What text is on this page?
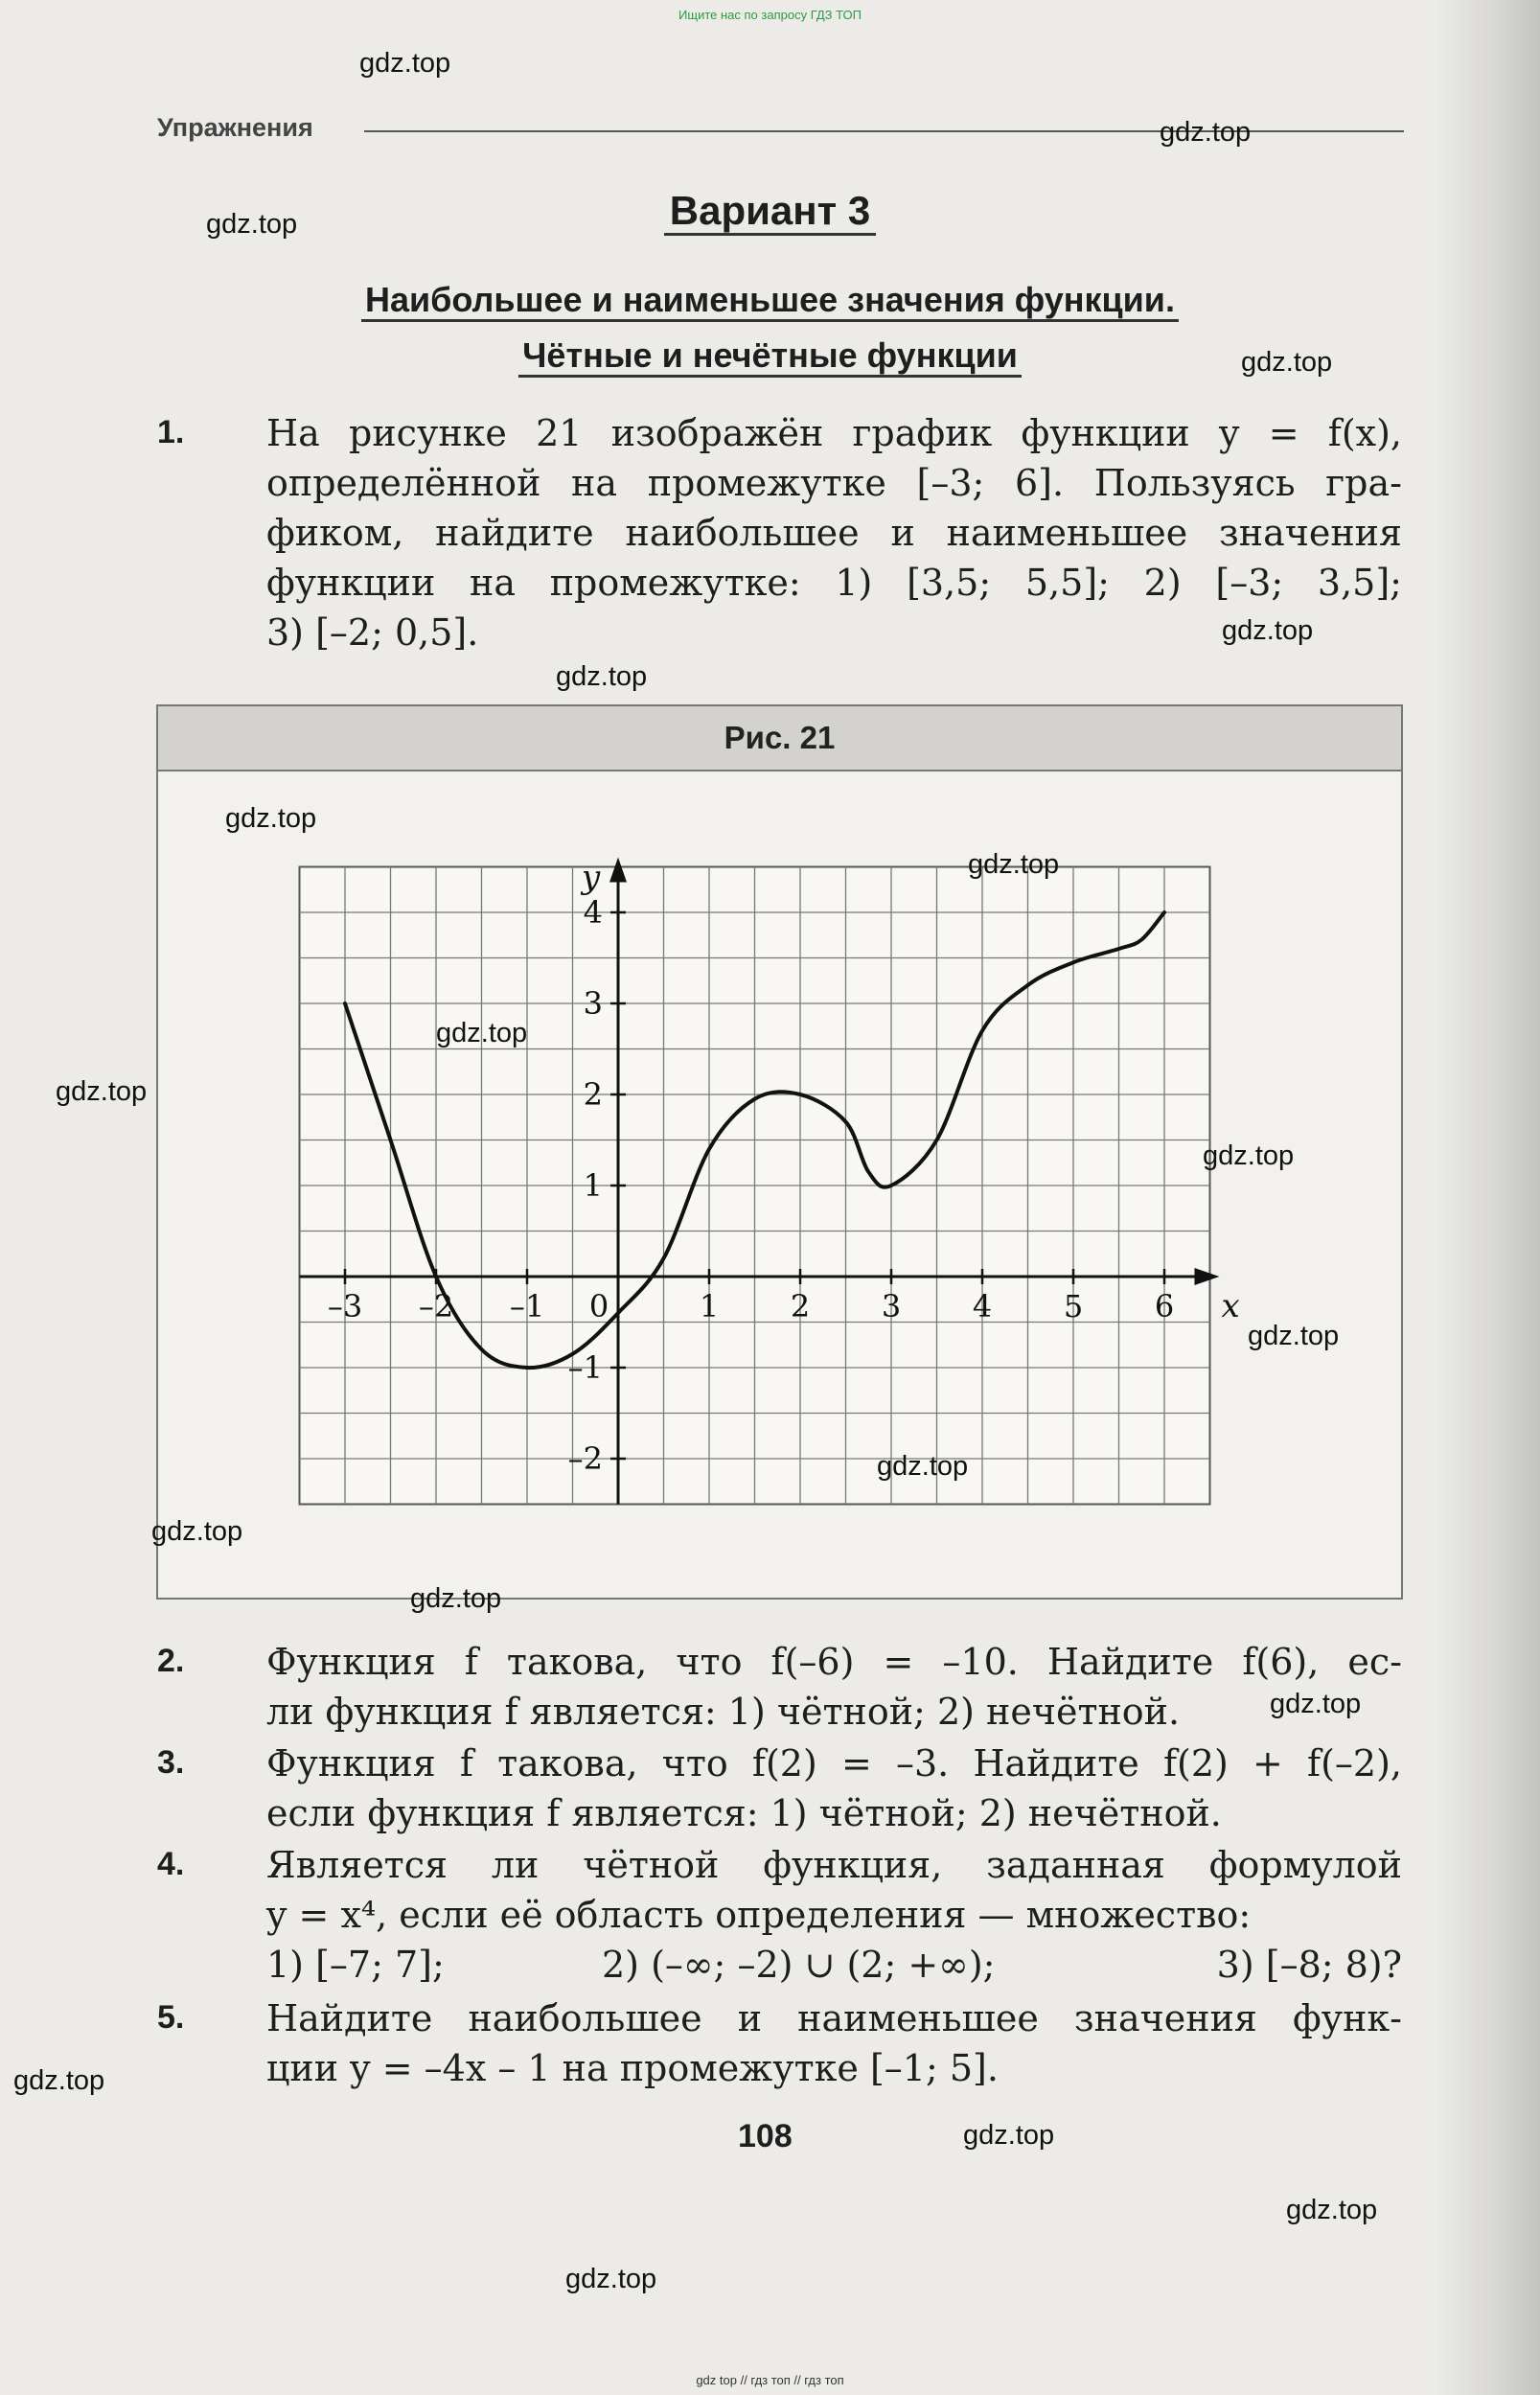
Ищите нас по запросу ГДЗ ТОП
Упражнения
Вариант 3
Наибольшее и наименьшее значения функции.
Чётные и нечётные функции
1. На рисунке 21 изображён график функции y = f(x),
определённой на промежутке [–3; 6]. Пользуясь гра-
фиком, найдите наибольшее и наименьшее значения
функции на промежутке: 1) [3,5; 5,5]; 2) [–3; 3,5];
3) [–2; 0,5].
Рис. 21
–3 –2 –1 0	1 2 3 4 5 6
–2
–1
1
2
3
4
x
y
2. Функция f такова, что f(–6) = –10. Найдите f(6), ес-
ли функция f является: 1) чётной; 2) нечётной.
3. Функция f такова, что f(2) = –3. Найдите f(2) + f(–2),
если функция f является: 1) чётной; 2) нечётной.
4. Является ли чётной функция, заданная формулой
y = x⁴, если её область определения — множество:
1) [–7; 7];	2) (–∞; –2) ∪ (2; +∞);	3) [–8; 8)?
5. Найдите наибольшее и наименьшее значения функ-
ции y = –4x – 1 на промежутке [–1; 5].
108
gdz.top
gdz.top
gdz.top
gdz.top
gdz.top
gdz.top
gdz.top
gdz.top
gdz.top
gdz.top
gdz.top
gdz.top
gdz.top
gdz.top
gdz.top
gdz.top
gdz.top
gdz.top
gdz.top
gdz.top
gdz top // гдз топ // гдз топ
